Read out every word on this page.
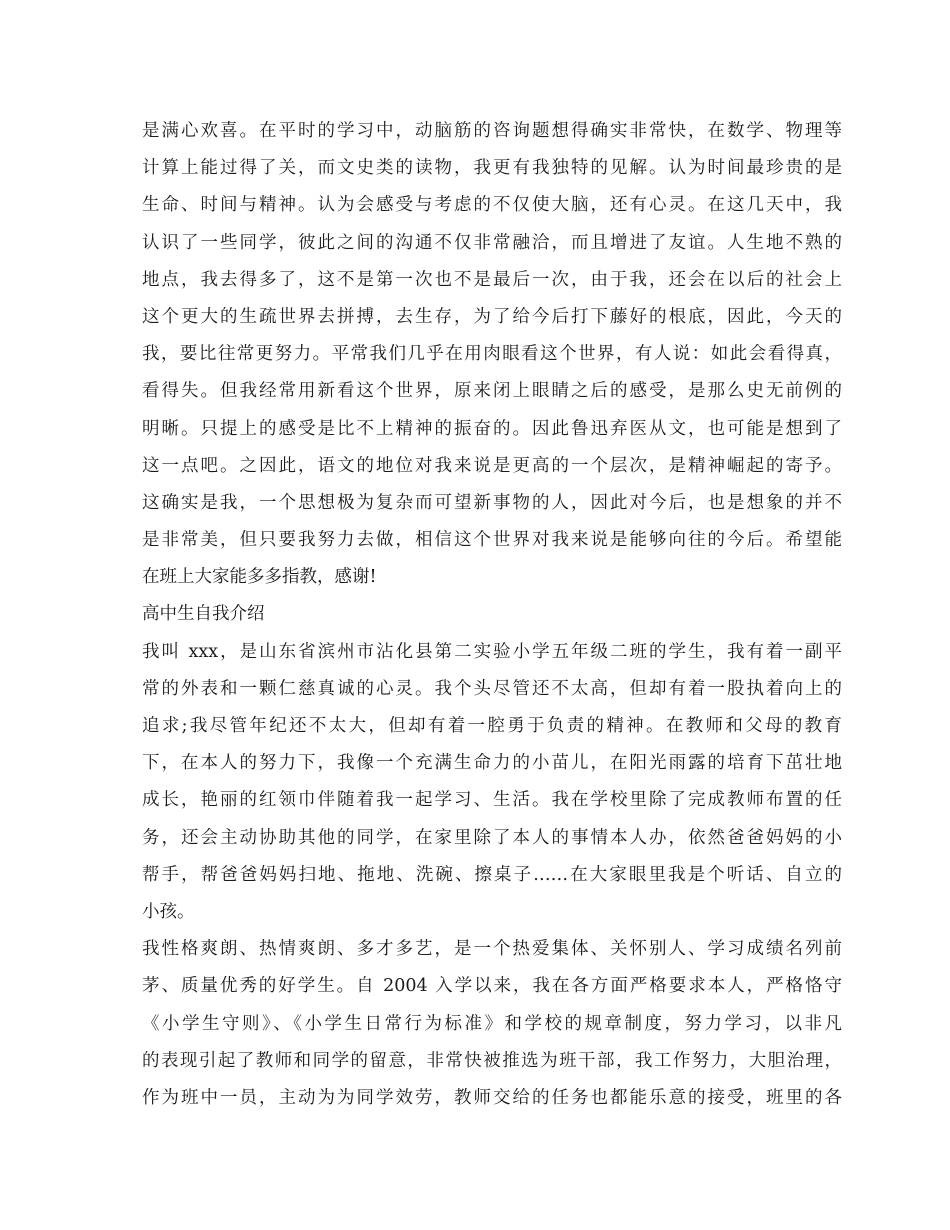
是满心欢喜。在平时的学习中，动脑筋的咨询题想得确实非常快，在数学、物理等
计算上能过得了关，而文史类的读物，我更有我独特的见解。认为时间最珍贵的是
生命、时间与精神。认为会感受与考虑的不仅使大脑，还有心灵。在这几天中，我
认识了一些同学，彼此之间的沟通不仅非常融洽，而且增进了友谊。人生地不熟的
地点，我去得多了，这不是第一次也不是最后一次，由于我，还会在以后的社会上
这个更大的生疏世界去拼搏，去生存，为了给今后打下藤好的根底，因此，今天的
我，要比往常更努力。平常我们几乎在用肉眼看这个世界，有人说：如此会看得真，
看得失。但我经常用新看这个世界，原来闭上眼睛之后的感受，是那么史无前例的
明晰。只提上的感受是比不上精神的振奋的。因此鲁迅弃医从文，也可能是想到了
这一点吧。之因此，语文的地位对我来说是更高的一个层次，是精神崛起的寄予。
这确实是我，一个思想极为复杂而可望新事物的人，因此对今后，也是想象的并不
是非常美，但只要我努力去做，相信这个世界对我来说是能够向往的今后。希望能
在班上大家能多多指教，感谢!
高中生自我介绍
我叫 xxx，是山东省滨州市沾化县第二实验小学五年级二班的学生，我有着一副平
常的外表和一颗仁慈真诚的心灵。我个头尽管还不太高，但却有着一股执着向上的
追求;我尽管年纪还不太大，但却有着一腔勇于负责的精神。在教师和父母的教育
下，在本人的努力下，我像一个充满生命力的小苗儿，在阳光雨露的培育下茁壮地
成长，艳丽的红领巾伴随着我一起学习、生活。我在学校里除了完成教师布置的任
务，还会主动协助其他的同学，在家里除了本人的事情本人办，依然爸爸妈妈的小
帮手，帮爸爸妈妈扫地、拖地、洗碗、擦桌子……在大家眼里我是个听话、自立的
小孩。
我性格爽朗、热情爽朗、多才多艺，是一个热爱集体、关怀别人、学习成绩名列前
茅、质量优秀的好学生。自 2004 入学以来，我在各方面严格要求本人，严格恪守
《小学生守则》、《小学生日常行为标准》和学校的规章制度，努力学习，以非凡
的表现引起了教师和同学的留意，非常快被推选为班干部，我工作努力，大胆治理，
作为班中一员，主动为为同学效劳，教师交给的任务也都能乐意的接受，班里的各
